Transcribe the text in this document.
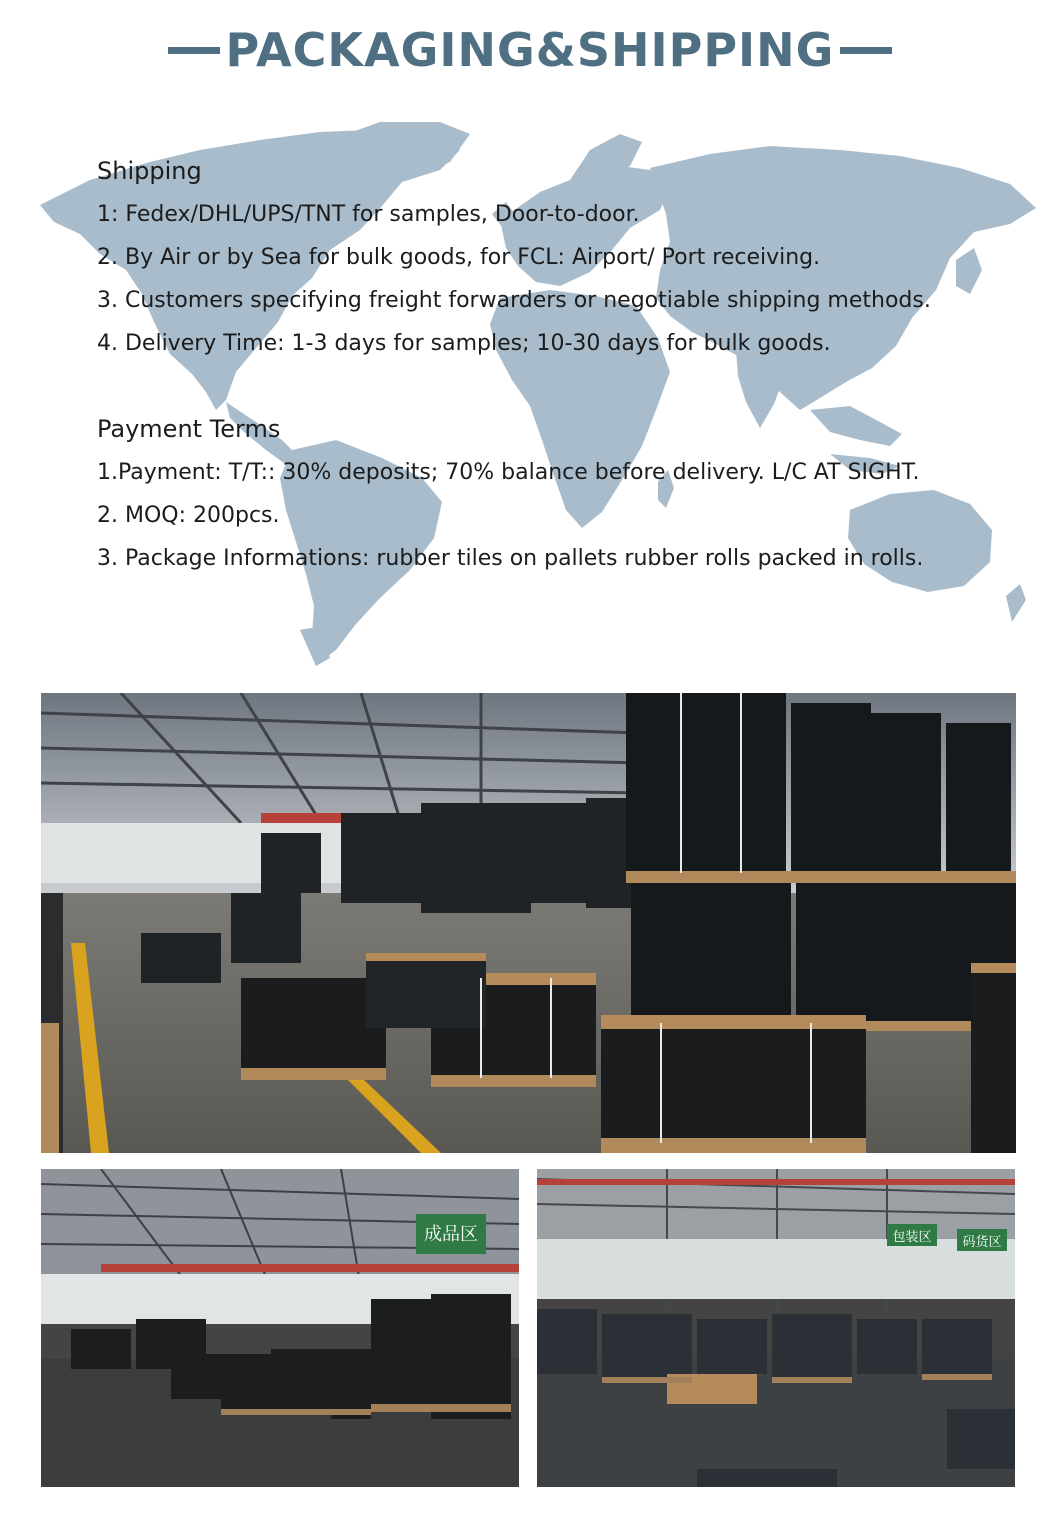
PACKAGING&SHIPPING
Shipping
1: Fedex/DHL/UPS/TNT for samples, Door-to-door.
2. By Air or by Sea for bulk goods, for FCL: Airport/ Port receiving.
3. Customers specifying freight forwarders or negotiable shipping methods.
4. Delivery Time: 1-3 days for samples; 10-30 days for bulk goods.
Payment Terms
1.Payment: T/T:: 30% deposits; 70% balance before delivery. L/C AT SIGHT.
2. MOQ: 200pcs.
3. Package Informations: rubber tiles on pallets rubber rolls packed in rolls.
成品区	包装区 码货区
